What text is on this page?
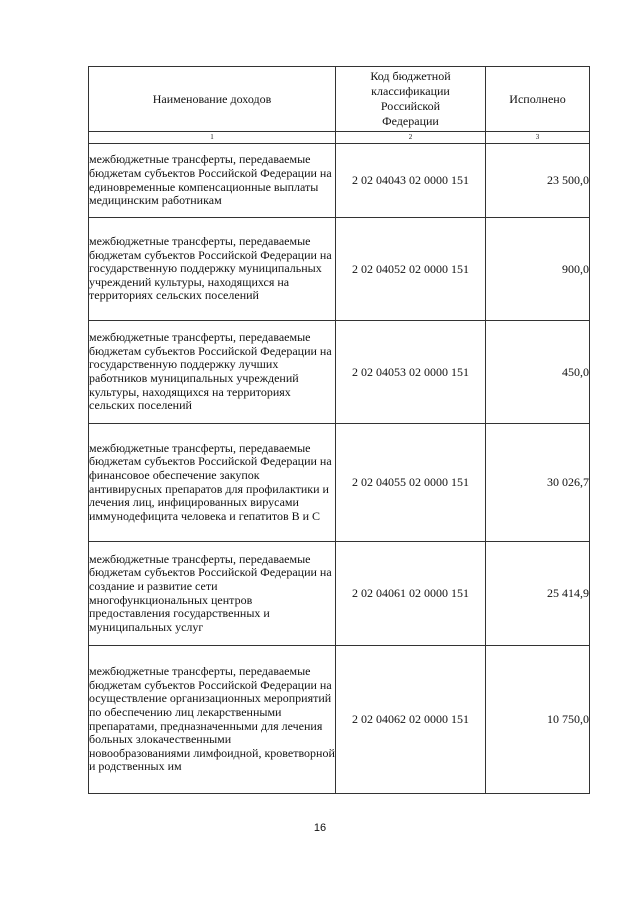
Наименование доходов	Код бюджетной классификации Российской Федерации	Исполнено
1	2	3
межбюджетные трансферты, передаваемые бюджетам субъектов Российской Федерации на единовременные компенсационные выплаты медицинским работникам	2 02 04043 02 0000 151	23 500,0
межбюджетные трансферты, передаваемые бюджетам субъектов Российской Федерации на государственную поддержку муниципальных учреждений культуры, находящихся на территориях сельских поселений	2 02 04052 02 0000 151	900,0
межбюджетные трансферты, передаваемые бюджетам субъектов Российской Федерации на государственную поддержку лучших работников муниципальных учреждений культуры, находящихся на территориях сельских поселений	2 02 04053 02 0000 151	450,0
межбюджетные трансферты, передаваемые бюджетам субъектов Российской Федерации на финансовое обеспечение закупок антивирусных препаратов для профилактики и лечения лиц, инфицированных вирусами иммунодефицита человека и гепатитов В и С	2 02 04055 02 0000 151	30 026,7
межбюджетные трансферты, передаваемые бюджетам субъектов Российской Федерации на создание и развитие сети многофункциональных центров предоставления государственных и муниципальных услуг	2 02 04061 02 0000 151	25 414,9
межбюджетные трансферты, передаваемые бюджетам субъектов Российской Федерации на осуществление организационных мероприятий по обеспечению лиц лекарственными препаратами, предназначенными для лечения больных злокачественными новообразованиями лимфоидной, кроветворной и родственных им	2 02 04062 02 0000 151	10 750,0
16
